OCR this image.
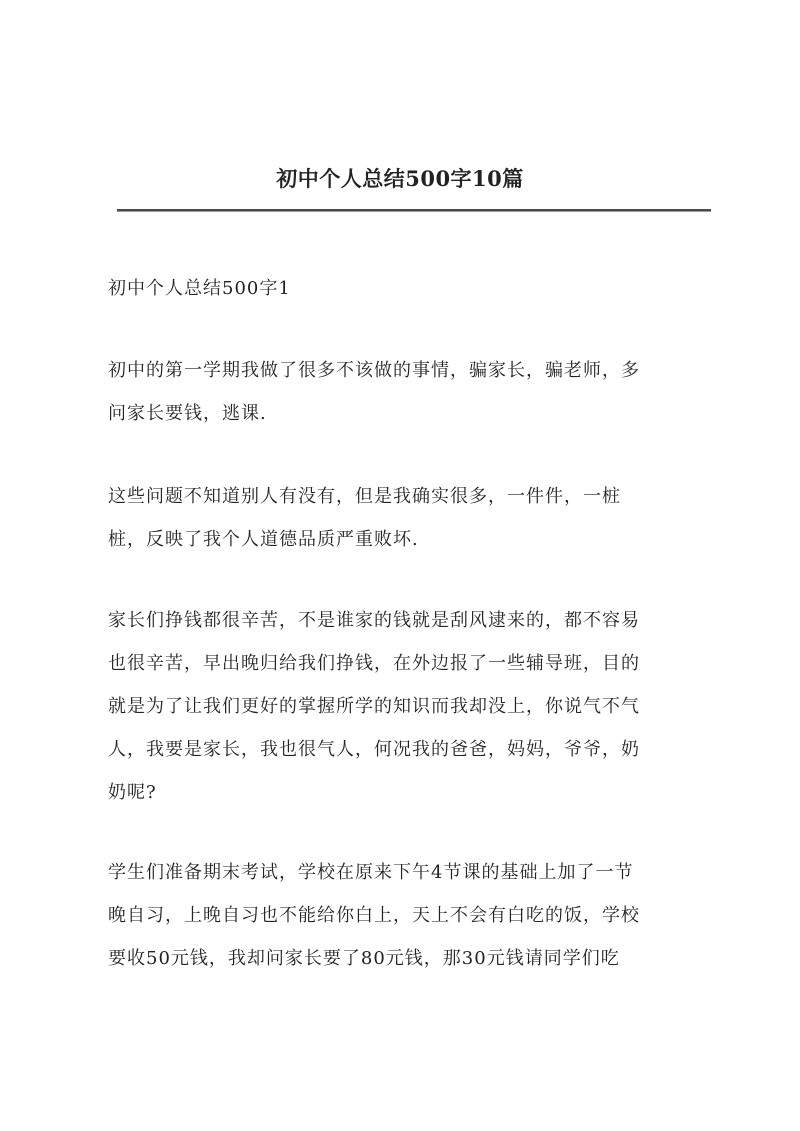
初中个人总结500字10篇
初中个人总结500字1
初中的第一学期我做了很多不该做的事情，骗家长，骗老师，多
问家长要钱，逃课.
这些问题不知道别人有没有，但是我确实很多，一件件，一桩
桩，反映了我个人道德品质严重败坏.
家长们挣钱都很辛苦，不是谁家的钱就是刮风逮来的，都不容易
也很辛苦，早出晚归给我们挣钱，在外边报了一些辅导班，目的
就是为了让我们更好的掌握所学的知识而我却没上，你说气不气
人，我要是家长，我也很气人，何况我的爸爸，妈妈，爷爷，奶
奶呢?
学生们准备期末考试，学校在原来下午4节课的基础上加了一节
晚自习，上晚自习也不能给你白上，天上不会有白吃的饭，学校
要收50元钱，我却问家长要了80元钱，那30元钱请同学们吃
